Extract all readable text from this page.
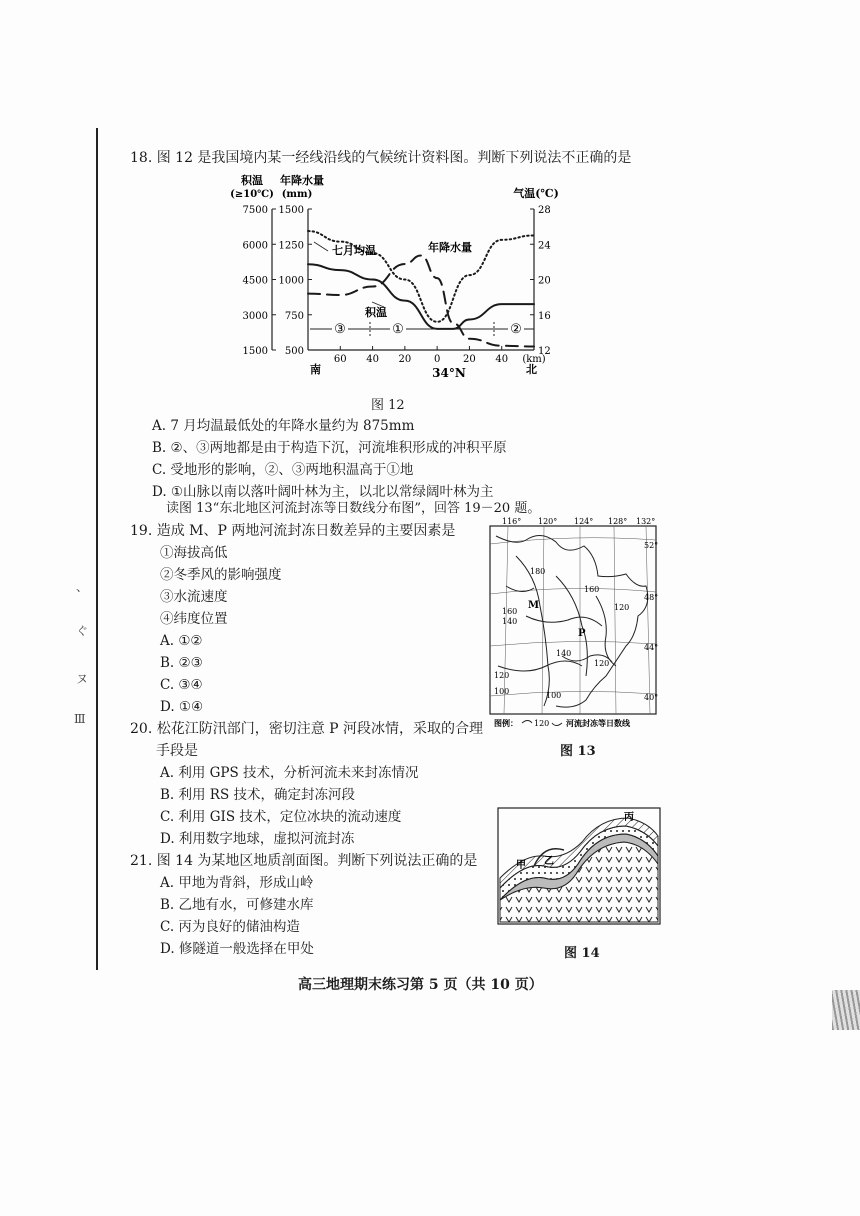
、
ぐ
ヌ
Ⅲ
18. 图 12 是我国境内某一经线沿线的气候统计资料图。判断下列说法不正确的是
积温
(≥10℃)
年降水量
(mm)	气温(℃)
7500 1500	28
6000 1250	24
4500 1000	20
3000 750	16
1500 500	12
60 40 20 0 20 40
③	①	②
七月均温	年降水量
积温
南	北
34°N
(km)
图 12
A. 7 月均温最低处的年降水量约为 875mm
B. ②、③两地都是由于构造下沉，河流堆积形成的冲积平原
C. 受地形的影响，②、③两地积温高于①地
D. ①山脉以南以落叶阔叶林为主，以北以常绿阔叶林为主
读图 13“东北地区河流封冻等日数线分布图”，回答 19－20 题。
19. 造成 M、P 两地河流封冻日数差异的主要因素是
①海拔高低
②冬季风的影响强度
③水流速度
④纬度位置
A. ①②
B. ②③
C. ③④
D. ①④
20. 松花江防汛部门，密切注意 P 河段冰情，采取的合理
手段是
A. 利用 GPS 技术，分析河流未来封冻情况
B. 利用 RS 技术，确定封冻河段
C. 利用 GIS 技术，定位冰块的流动速度
D. 利用数字地球，虚拟河流封冻
21. 图 14 为某地区地质剖面图。判断下列说法正确的是
A. 甲地为背斜，形成山岭
B. 乙地有水，可修建水库
C. 丙为良好的储油构造
D. 修隧道一般选择在甲处
116° 120° 124° 128° 132°
52°
48°
44°
40°
180
160
160
140
120
140
120
120
100	100
M
P
图例： 120 河流封冻等日数线
图 13
甲 乙
丙
图 14
高三地理期末练习第 5 页（共 10 页）
